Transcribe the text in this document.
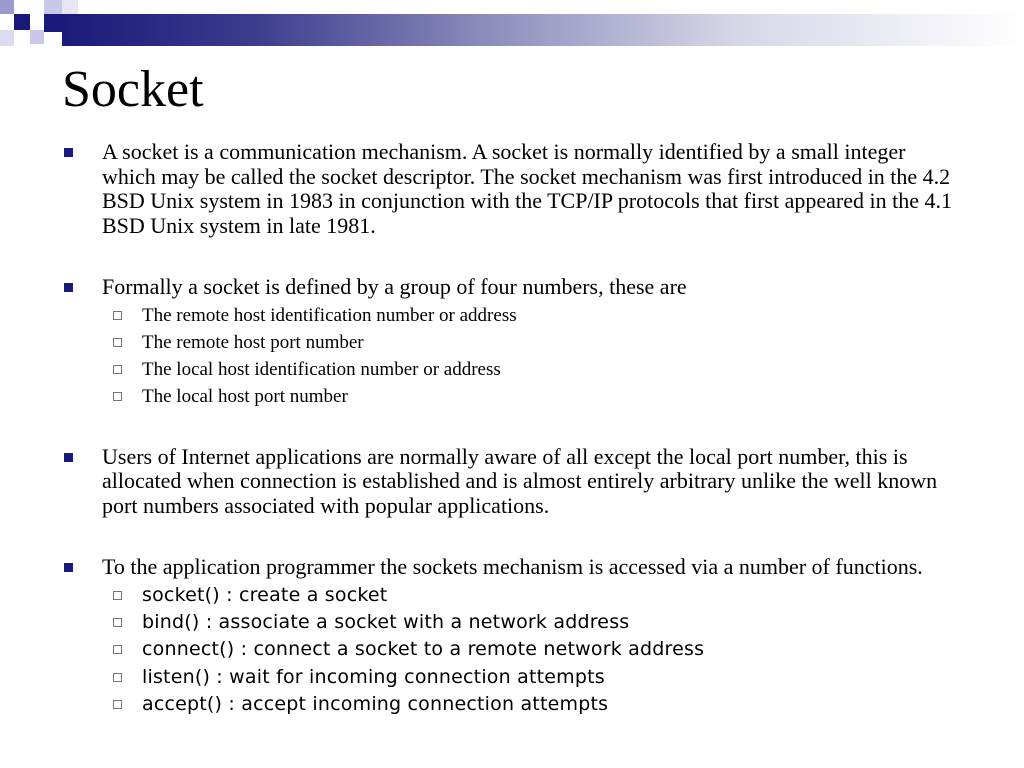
Socket
A socket is a communication mechanism. A socket is normally identified by a small integer which may be called the socket descriptor. The socket mechanism was first introduced in the 4.2 BSD Unix system in 1983 in conjunction with the TCP/IP protocols that first appeared in the 4.1 BSD Unix system in late 1981.
Formally a socket is defined by a group of four numbers, these are
The remote host identification number or address
The remote host port number
The local host identification number or address
The local host port number
Users of Internet applications are normally aware of all except the local port number, this is allocated when connection is established and is almost entirely arbitrary unlike the well known port numbers associated with popular applications.
To the application programmer the sockets mechanism is accessed via a number of functions.
socket() : create a socket
bind() : associate a socket with a network address
connect() : connect a socket to a remote network address
listen() : wait for incoming connection attempts
accept() : accept incoming connection attempts
